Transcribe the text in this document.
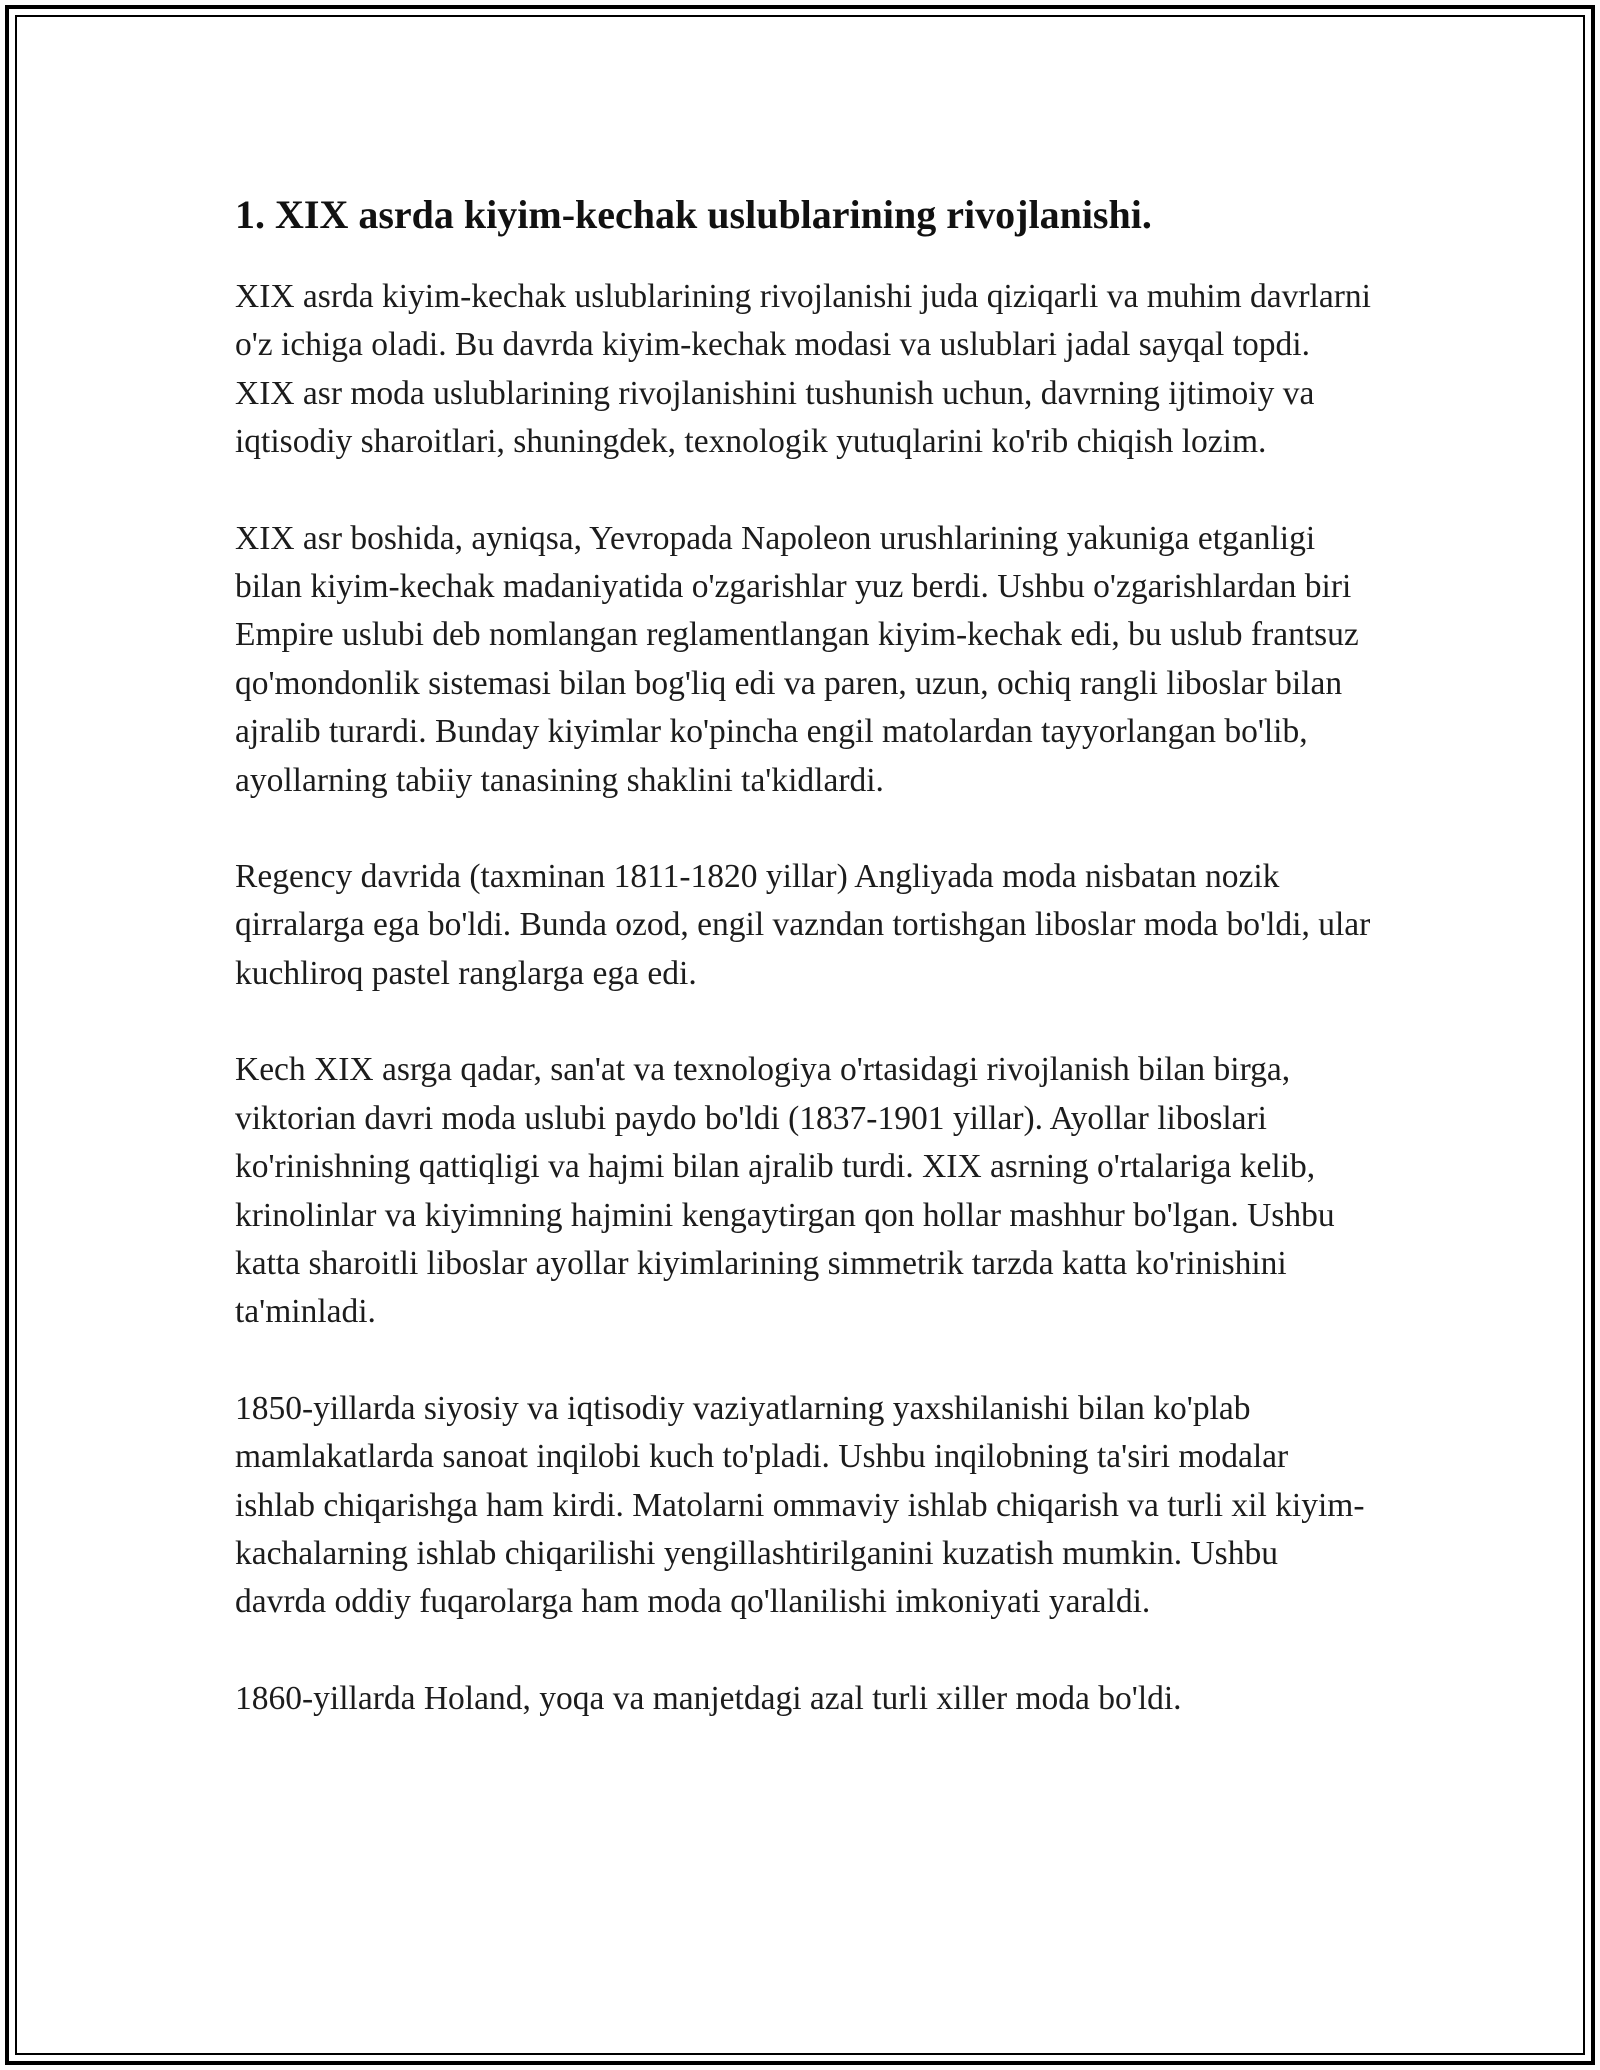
1. XIX asrda kiyim-kechak uslublarining rivojlanishi.

XIX asrda kiyim-kechak uslublarining rivojlanishi juda qiziqarli va muhim davrlarni o'z ichiga oladi. Bu davrda kiyim-kechak modasi va uslublari jadal sayqal topdi. XIX asr moda uslublarining rivojlanishini tushunish uchun, davrning ijtimoiy va iqtisodiy sharoitlari, shuningdek, texnologik yutuqlarini ko'rib chiqish lozim.

XIX asr boshida, ayniqsa, Yevropada Napoleon urushlarining yakuniga etganligi bilan kiyim-kechak madaniyatida o'zgarishlar yuz berdi. Ushbu o'zgarishlardan biri Empire uslubi deb nomlangan reglamentlangan kiyim-kechak edi, bu uslub frantsuz qo'mondonlik sistemasi bilan bog'liq edi va paren, uzun, ochiq rangli liboslar bilan ajralib turardi. Bunday kiyimlar ko'pincha engil matolardan tayyorlangan bo'lib, ayollarning tabiiy tanasining shaklini ta'kidlardi.

Regency davrida (taxminan 1811-1820 yillar) Angliyada moda nisbatan nozik qirralarga ega bo'ldi. Bunda ozod, engil vazndan tortishgan liboslar moda bo'ldi, ular kuchliroq pastel ranglarga ega edi.

Kech XIX asrga qadar, san'at va texnologiya o'rtasidagi rivojlanish bilan birga, viktorian davri moda uslubi paydo bo'ldi (1837-1901 yillar). Ayollar liboslari ko'rinishning qattiqligi va hajmi bilan ajralib turdi. XIX asrning o'rtalariga kelib, krinolinlar va kiyimning hajmini kengaytirgan qon hollar mashhur bo'lgan. Ushbu katta sharoitli liboslar ayollar kiyimlarining simmetrik tarzda katta ko'rinishini ta'minladi.

1850-yillarda siyosiy va iqtisodiy vaziyatlarning yaxshilanishi bilan ko'plab mamlakatlarda sanoat inqilobi kuch to'pladi. Ushbu inqilobning ta'siri modalar ishlab chiqarishga ham kirdi. Matolarni ommaviy ishlab chiqarish va turli xil kiyim-kachalarning ishlab chiqarilishi yengillashtirilganini kuzatish mumkin. Ushbu davrda oddiy fuqarolarga ham moda qo'llanilishi imkoniyati yaraldi.

1860-yillarda Holand, yoqa va manjetdagi azal turli xiller moda bo'ldi.
